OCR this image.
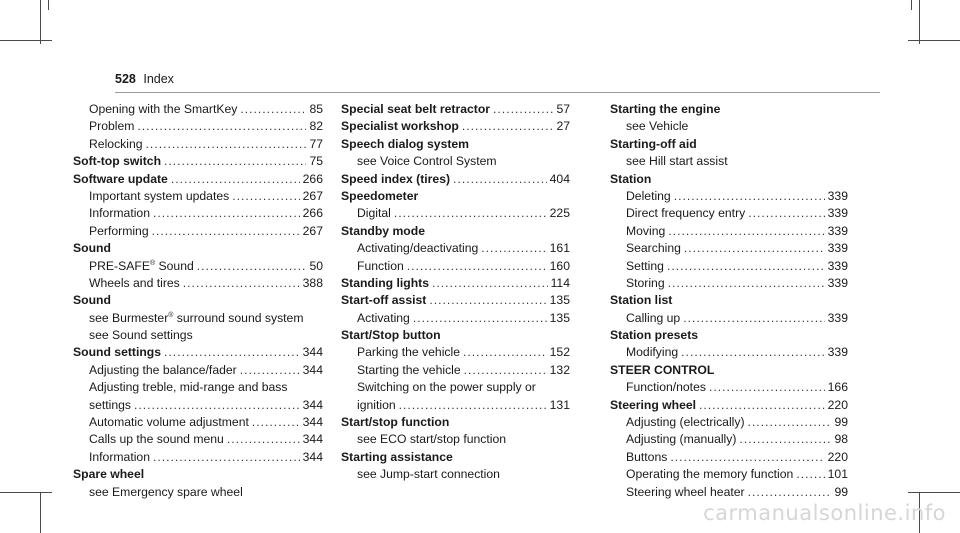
528 Index
Opening with the SmartKey .....	85
Problem .....	82
Relocking .....	77
Soft-top switch .....	75
Software update .....	266
Important system updates .....	267
Information .....	266
Performing .....	267
Sound
PRE-SAFE® Sound .....	50
Wheels and tires .....	388
Sound
see Burmester® surround sound system
see Sound settings
Sound settings .....	344
Adjusting the balance/fader .....	344
Adjusting treble, mid-range and bass
settings .....	344
Automatic volume adjustment .....	344
Calls up the sound menu .....	344
Information .....	344
Spare wheel
see Emergency spare wheel
Special seat belt retractor .....	57
Specialist workshop .....	27
Speech dialog system
see Voice Control System
Speed index (tires) .....	404
Speedometer
Digital .....	225
Standby mode
Activating/deactivating .....	161
Function .....	160
Standing lights .....	114
Start-off assist .....	135
Activating .....	135
Start/Stop button
Parking the vehicle .....	152
Starting the vehicle .....	132
Switching on the power supply or
ignition .....	131
Start/stop function
see ECO start/stop function
Starting assistance
see Jump-start connection
Starting the engine
see Vehicle
Starting-off aid
see Hill start assist
Station
Deleting .....	339
Direct frequency entry .....	339
Moving .....	339
Searching .....	339
Setting .....	339
Storing .....	339
Station list
Calling up .....	339
Station presets
Modifying .....	339
STEER CONTROL
Function/notes .....	166
Steering wheel .....	220
Adjusting (electrically) .....	99
Adjusting (manually) .....	98
Buttons .....	220
Operating the memory function .....	101
Steering wheel heater .....	99
carmanualsonline.info
